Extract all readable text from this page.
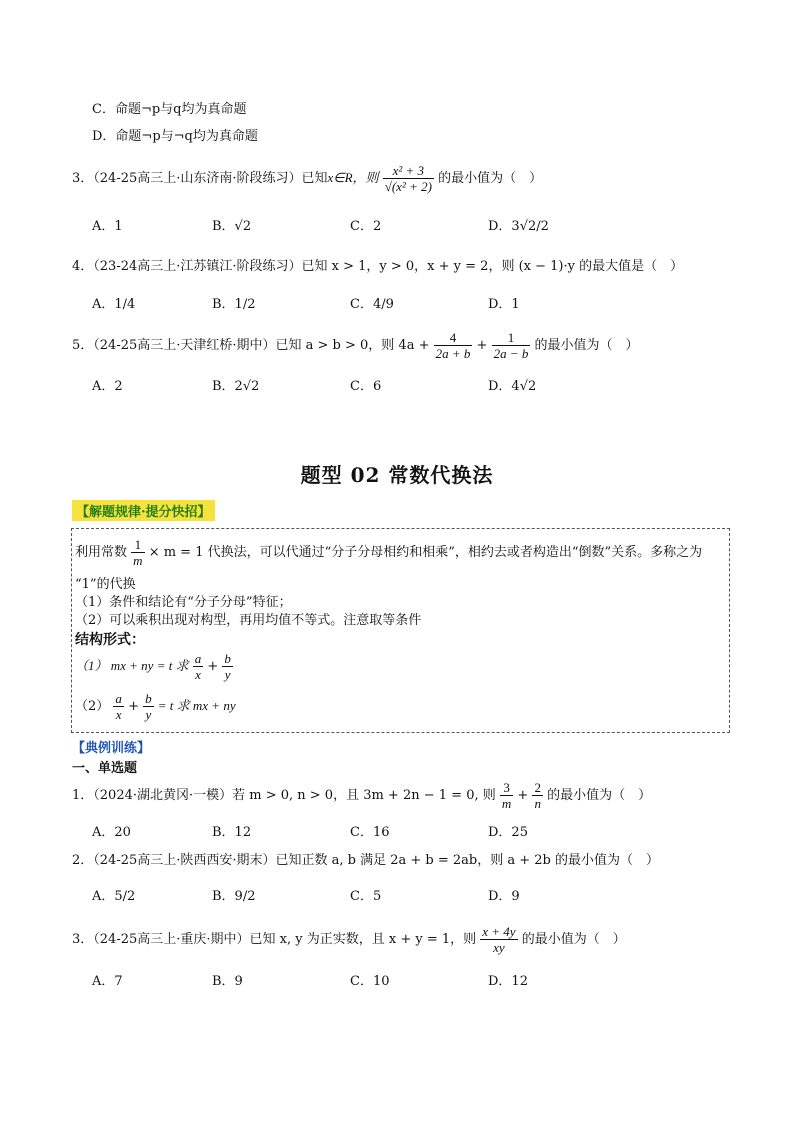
C．命题¬p与q均为真命题
D．命题¬p与¬q均为真命题
3．（24-25高三上·山东济南·阶段练习）已知x∈R，则 $\frac{\text{x² + 3}}{\text{√(x² + 2)}}$ 的最小值为（　）
A．1	B．√2	C．2	D．3√2/2
4．（23-24高三上·江苏镇江·阶段练习）已知 x > 1，y > 0，x + y = 2，则 (x − 1)·y 的最大值是（　）
A．1/4	B．1/2	C．4/9	D．1
5．（24-25高三上·天津红桥·期中）已知 a > b > 0，则 $4a + \frac{4}{2a + b} + \frac{1}{2a - b}$ 的最小值为（　）
A．2	B．2√2	C．6	D．4√2
题型 02 常数代换法
【解题规律·提分快招】
利用常数 $\frac{1}{m} \times m = 1$ 代换法，可以代通过“分子分母相约和相乘”，相约去或者构造出“倒数”关系。多称之为
“1”的代换
（1）条件和结论有“分子分母”特征；
（2）可以乘积出现对构型，再用均值不等式。注意取等条件
结构形式：
（1） mx + ny = t 求 $\frac{a}{x} + \frac{b}{y}$
$(2) \frac{a}{x} + \frac{b}{y} = t$ 求 mx + ny
【典例训练】
一、单选题
1．（2024·湖北黄冈·一模）若 m > 0, n > 0，且 3m + 2n − 1 = 0, 则 $\frac{3}{m} + \frac{2}{n}$ 的最小值为（　）
A．20	B．12	C．16	D．25
2．（24-25高三上·陕西西安·期末）已知正数 a, b 满足 2a + b = 2ab，则 a + 2b 的最小值为（　）
A．5/2	B．9/2	C．5	D．9
3．（24-25高三上·重庆·期中）已知 x, y 为正实数，且 x + y = 1，则 $\frac{x + 4y}{xy}$ 的最小值为（　）
A．7	B．9	C．10	D．12
